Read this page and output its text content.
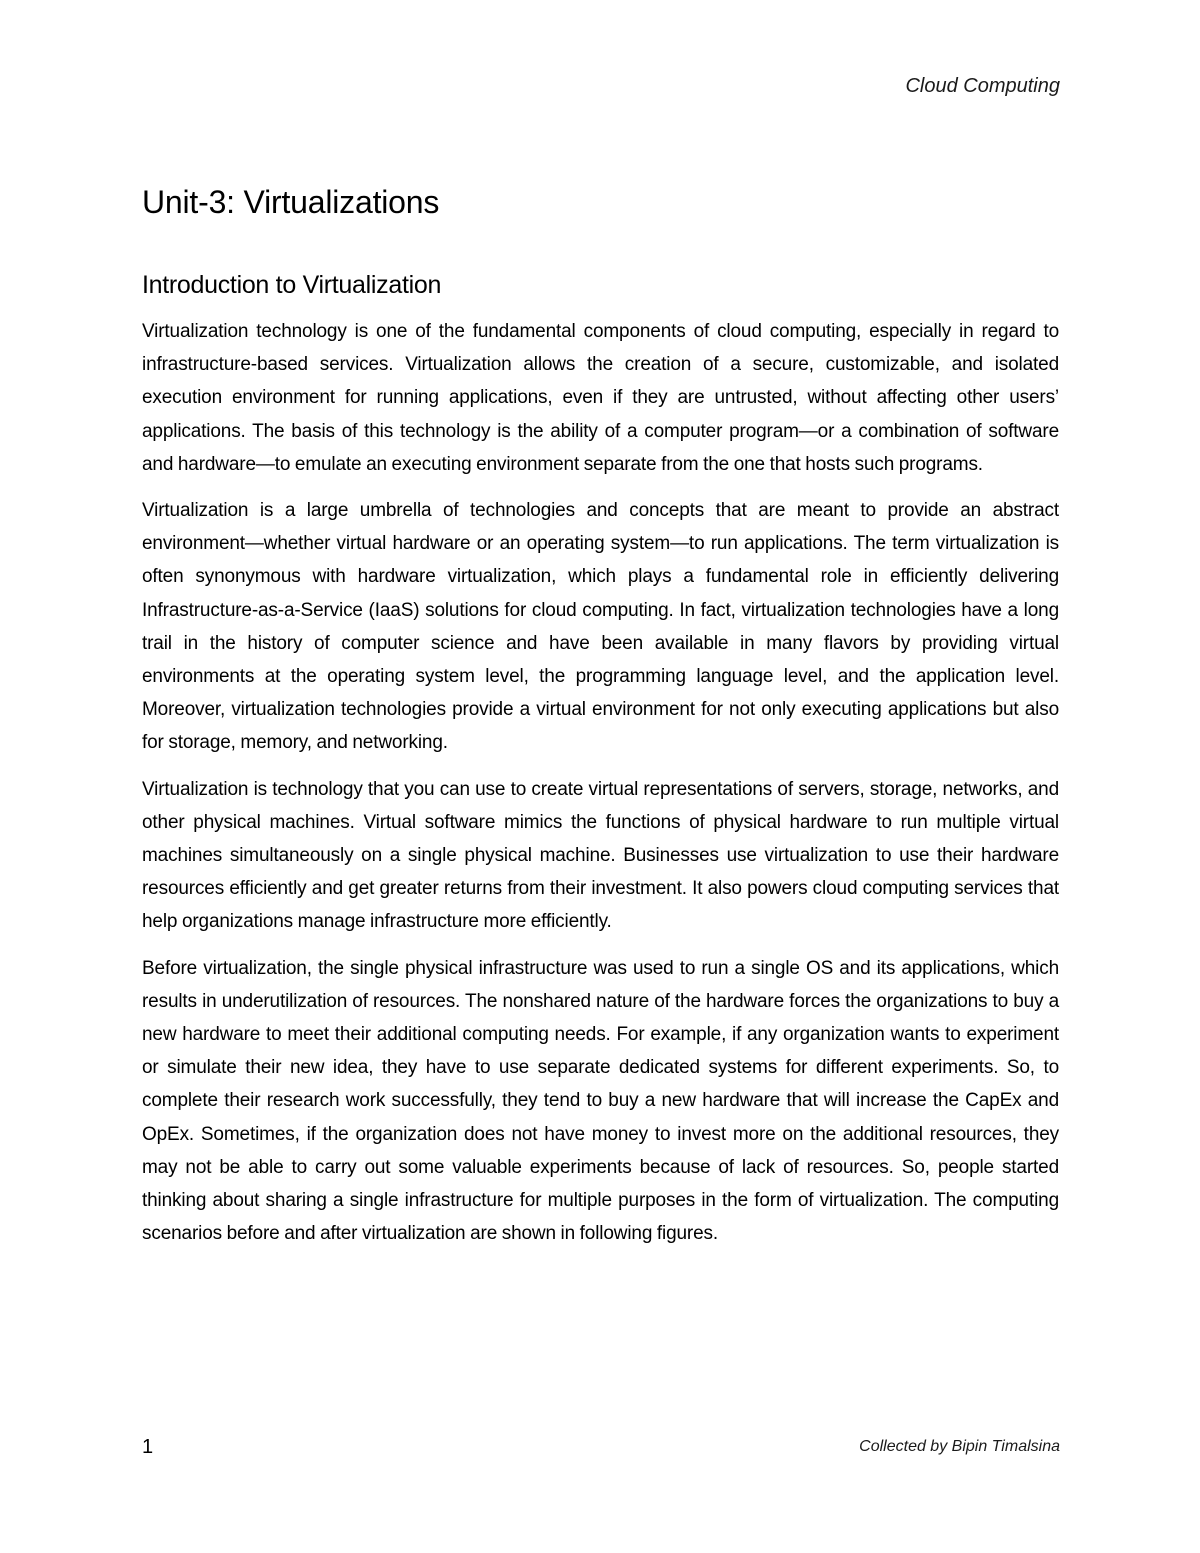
Cloud Computing
Unit-3: Virtualizations
Introduction to Virtualization

Virtualization technology is one of the fundamental components of cloud computing, especially in regard to infrastructure-based services. Virtualization allows the creation of a secure, customizable, and isolated execution environment for running applications, even if they are untrusted, without affecting other users’ applications. The basis of this technology is the ability of a computer program—or a combination of software and hardware—to emulate an executing environment separate from the one that hosts such programs.

Virtualization is a large umbrella of technologies and concepts that are meant to provide an abstract environment—whether virtual hardware or an operating system—to run applications. The term virtualization is often synonymous with hardware virtualization, which plays a fundamental role in efficiently delivering Infrastructure-as-a-Service (IaaS) solutions for cloud computing. In fact, virtualization technologies have a long trail in the history of computer science and have been available in many flavors by providing virtual environments at the operating system level, the programming language level, and the application level. Moreover, virtualization technologies provide a virtual environment for not only executing applications but also for storage, memory, and networking.

Virtualization is technology that you can use to create virtual representations of servers, storage, networks, and other physical machines. Virtual software mimics the functions of physical hardware to run multiple virtual machines simultaneously on a single physical machine. Businesses use virtualization to use their hardware resources efficiently and get greater returns from their investment. It also powers cloud computing services that help organizations manage infrastructure more efficiently.

Before virtualization, the single physical infrastructure was used to run a single OS and its applications, which results in underutilization of resources. The nonshared nature of the hardware forces the organizations to buy a new hardware to meet their additional computing needs. For example, if any organization wants to experiment or simulate their new idea, they have to use separate dedicated systems for different experiments. So, to complete their research work successfully, they tend to buy a new hardware that will increase the CapEx and OpEx. Sometimes, if the organization does not have money to invest more on the additional resources, they may not be able to carry out some valuable experiments because of lack of resources. So, people started thinking about sharing a single infrastructure for multiple purposes in the form of virtualization. The computing scenarios before and after virtualization are shown in following figures.

1	Collected by Bipin Timalsina
